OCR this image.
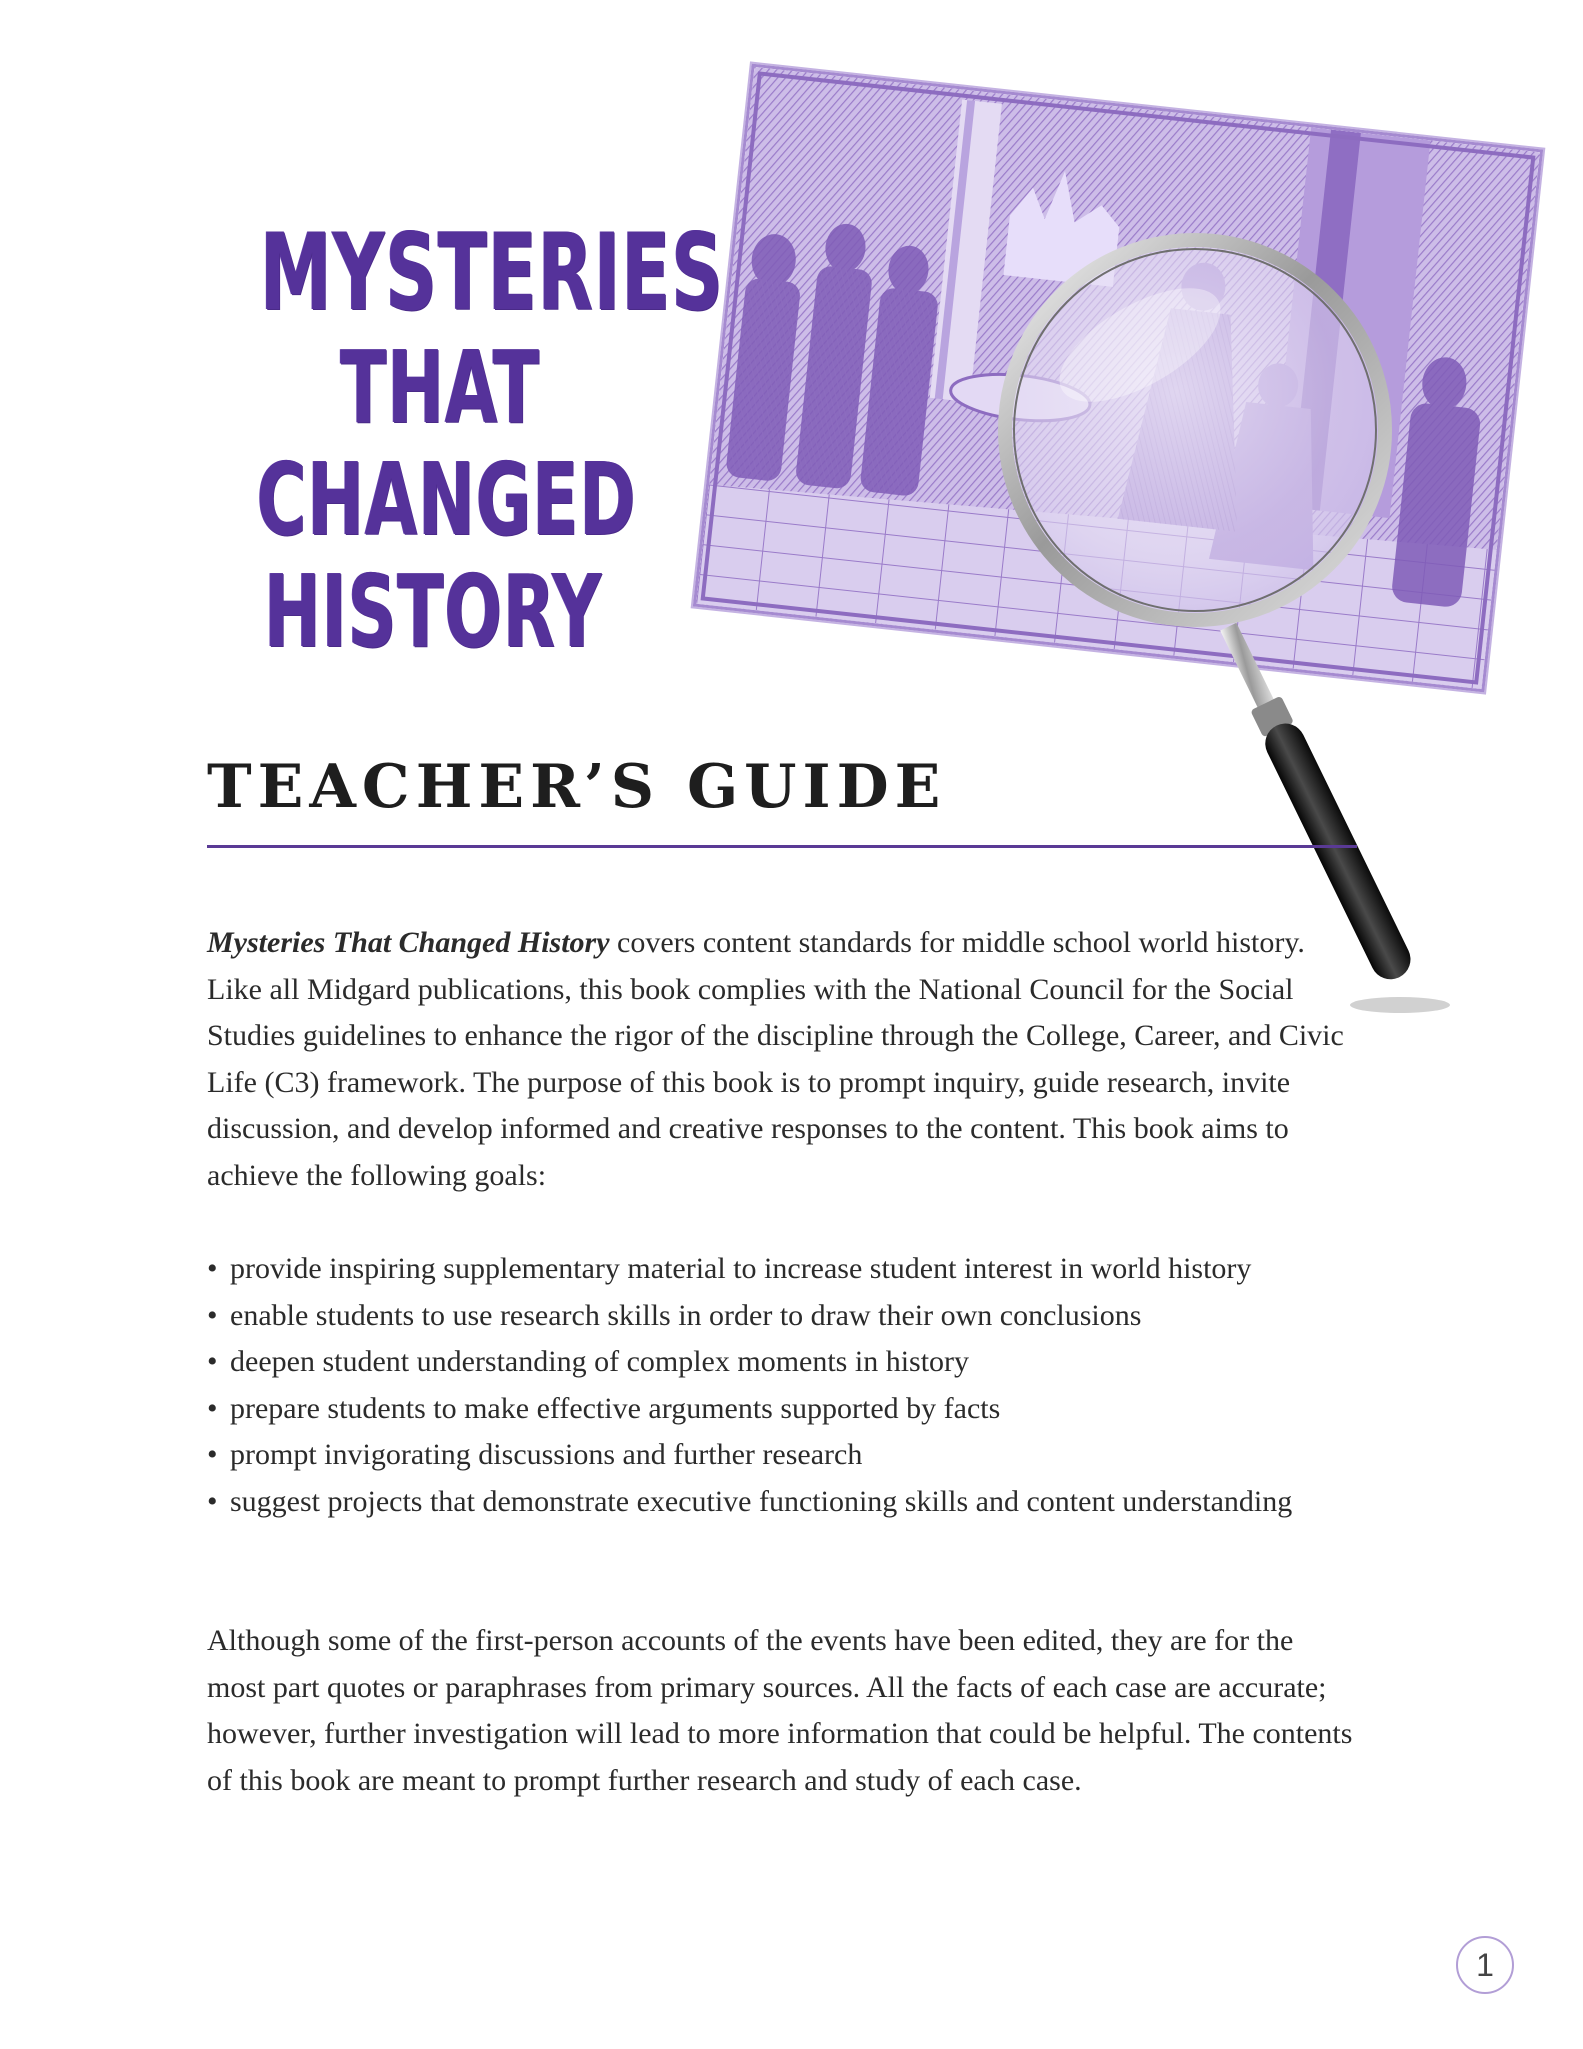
MYSTERIES
THAT
CHANGED
HISTORY
TEACHER’S GUIDE

Mysteries That Changed History covers content standards for middle school world history. Like all Midgard publications, this book complies with the National Council for the Social Studies guidelines to enhance the rigor of the discipline through the College, Career, and Civic Life (C3) framework. The purpose of this book is to prompt inquiry, guide research, invite discussion, and develop informed and creative responses to the content. This book aims to achieve the following goals:

• provide inspiring supplementary material to increase student interest in world history
• enable students to use research skills in order to draw their own conclusions
• deepen student understanding of complex moments in history
• prepare students to make effective arguments supported by facts
• prompt invigorating discussions and further research
• suggest projects that demonstrate executive functioning skills and content understanding

Although some of the first-person accounts of the events have been edited, they are for the most part quotes or paraphrases from primary sources. All the facts of each case are accurate; however, further investigation will lead to more information that could be helpful. The contents of this book are meant to prompt further research and study of each case.

1
